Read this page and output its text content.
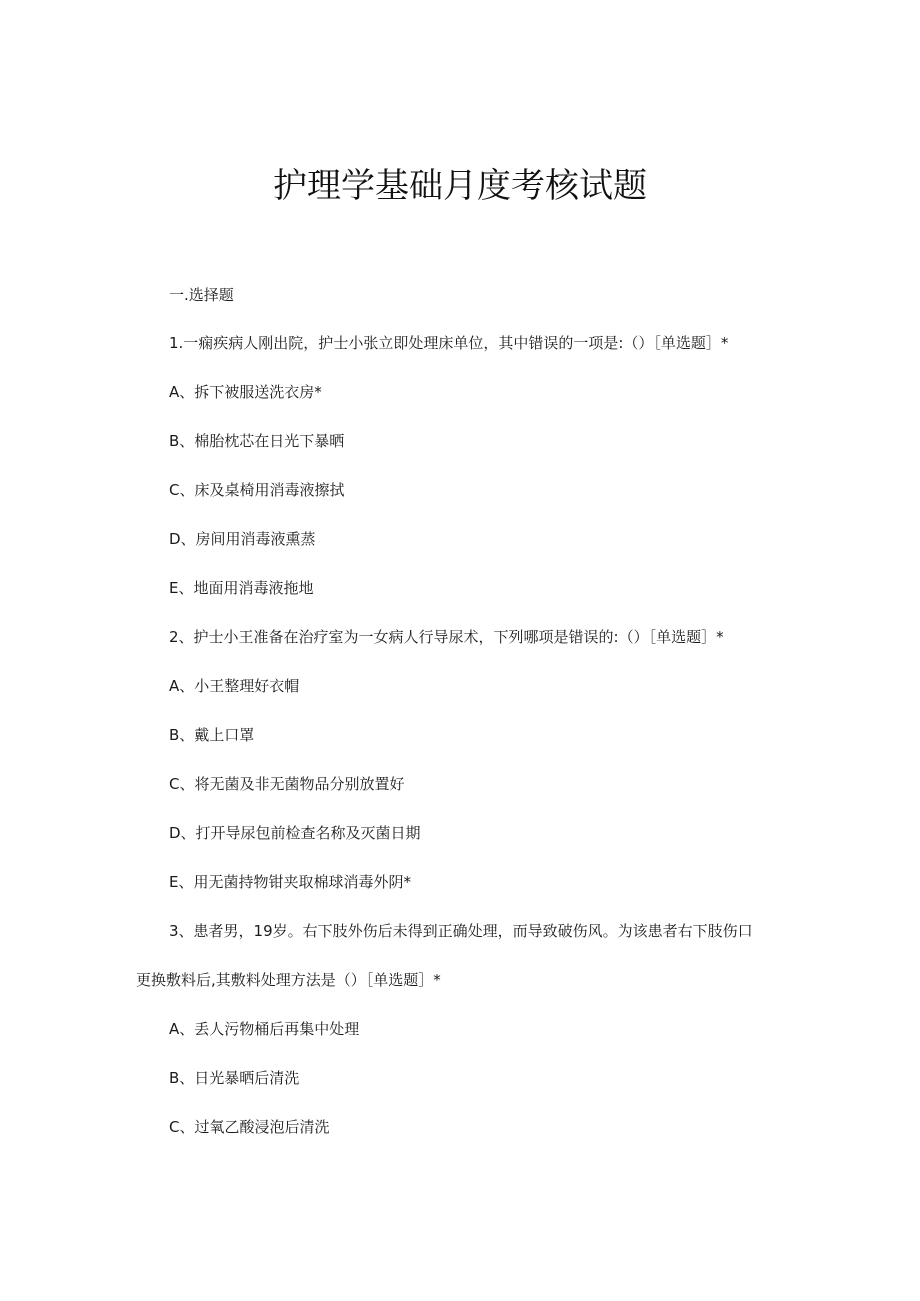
护理学基础月度考核试题
一.选择题
1.一痫疾病人刚出院，护士小张立即处理床单位，其中错误的一项是:（）［单选题］*
A、拆下被服送洗衣房*
B、棉胎枕芯在日光下暴晒
C、床及桌椅用消毒液擦拭
D、房间用消毒液熏蒸
E、地面用消毒液拖地
2、护士小王准备在治疗室为一女病人行导尿术，下列哪项是错误的:（）［单选题］*
A、小王整理好衣帽
B、戴上口罩
C、将无菌及非无菌物品分别放置好
D、打开导尿包前检查名称及灭菌日期
E、用无菌持物钳夹取棉球消毒外阴*
3、患者男，19岁。右下肢外伤后未得到正确处理，而导致破伤风。为该患者右下肢伤口
更换敷料后,其敷料处理方法是（）［单选题］*
A、丢人污物桶后再集中处理
B、日光暴晒后清洗
C、过氧乙酸浸泡后清洗
